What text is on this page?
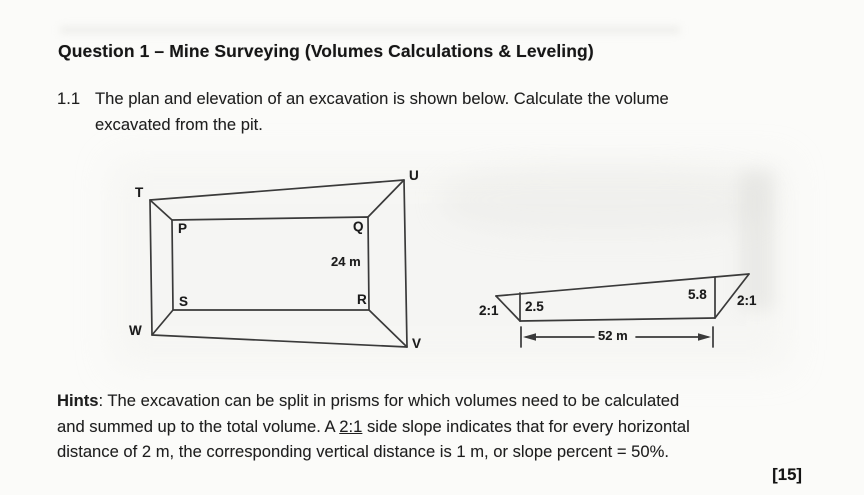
Question 1 – Mine Surveying (Volumes Calculations & Leveling)
1.1 The plan and elevation of an excavation is shown below. Calculate the volume
excavated from the pit.
T
U
P	Q
S	R
W
V
24 m
2:1 2.5
5.8 2:1
52 m
Hints: The excavation can be split in prisms for which volumes need to be calculated
and summed up to the total volume. A 2:1 side slope indicates that for every horizontal
distance of 2 m, the corresponding vertical distance is 1 m, or slope percent = 50%.
[15]
